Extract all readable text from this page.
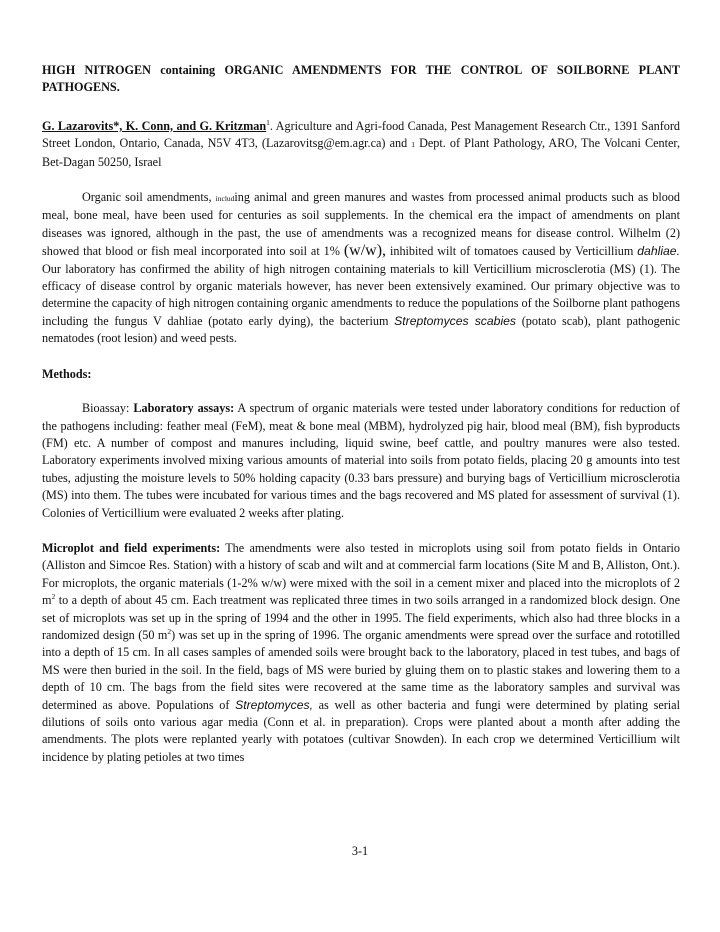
HIGH NITROGEN containing ORGANIC AMENDMENTS FOR THE CONTROL OF SOILBORNE PLANT PATHOGENS.

G. Lazarovits*, K. Conn, and G. Kritzman$^1$. Agriculture and Agri-food Canada, Pest Management Research Ctr., 1391 Sanford Street London, Ontario, Canada, N5V 4T3, (Lazarovitsg@em.agr.ca) and 1 Dept. of Plant Pathology, ARO, The Volcani Center, Bet-Dagan 50250, Israel

Organic soil amendments, including animal and green manures and wastes from processed animal products such as blood meal, bone meal, have been used for centuries as soil supplements. In the chemical era the impact of amendments on plant diseases was ignored, although in the past, the use of amendments was a recognized means for disease control. Wilhelm (2) showed that blood or fish meal incorporated into soil at 1% (w/w), inhibited wilt of tomatoes caused by Verticillium dahliae. Our laboratory has confirmed the ability of high nitrogen containing materials to kill Verticillium microsclerotia (MS) (1). The efficacy of disease control by organic materials however, has never been extensively examined. Our primary objective was to determine the capacity of high nitrogen containing organic amendments to reduce the populations of the Soilborne plant pathogens including the fungus V dahliae (potato early dying), the bacterium Streptomyces scabies (potato scab), plant pathogenic nematodes (root lesion) and weed pests.

Methods:

Bioassay: Laboratory assays: A spectrum of organic materials were tested under laboratory conditions for reduction of the pathogens including: feather meal (FeM), meat & bone meal (MBM), hydrolyzed pig hair, blood meal (BM), fish byproducts (FM) etc. A number of compost and manures including, liquid swine, beef cattle, and poultry manures were also tested. Laboratory experiments involved mixing various amounts of material into soils from potato fields, placing 20 g amounts into test tubes, adjusting the moisture levels to 50% holding capacity (0.33 bars pressure) and burying bags of Verticillium microsclerotia (MS) into them. The tubes were incubated for various times and the bags recovered and MS plated for assessment of survival (1). Colonies of Verticillium were evaluated 2 weeks after plating.

Microplot and field experiments: The amendments were also tested in microplots using soil from potato fields in Ontario (Alliston and Simcoe Res. Station) with a history of scab and wilt and at commercial farm locations (Site M and B, Alliston, Ont.). For microplots, the organic materials (1-2% w/w) were mixed with the soil in a cement mixer and placed into the microplots of 2 $m^2$ to a depth of about 45 cm. Each treatment was replicated three times in two soils arranged in a randomized block design. One set of microplots was set up in the spring of 1994 and the other in 1995. The field experiments, which also had three blocks in a randomized design (50 $m^2$) was set up in the spring of 1996. The organic amendments were spread over the surface and rototilled into a depth of 15 cm. In all cases samples of amended soils were brought back to the laboratory, placed in test tubes, and bags of MS were then buried in the soil. In the field, bags of MS were buried by gluing them on to plastic stakes and lowering them to a depth of 10 cm. The bags from the field sites were recovered at the same time as the laboratory samples and survival was determined as above. Populations of Streptomyces, as well as other bacteria and fungi were determined by plating serial dilutions of soils onto various agar media (Conn et al. in preparation). Crops were planted about a month after adding the amendments. The plots were replanted yearly with potatoes (cultivar Snowden). In each crop we determined Verticillium wilt incidence by plating petioles at two times

3-1
